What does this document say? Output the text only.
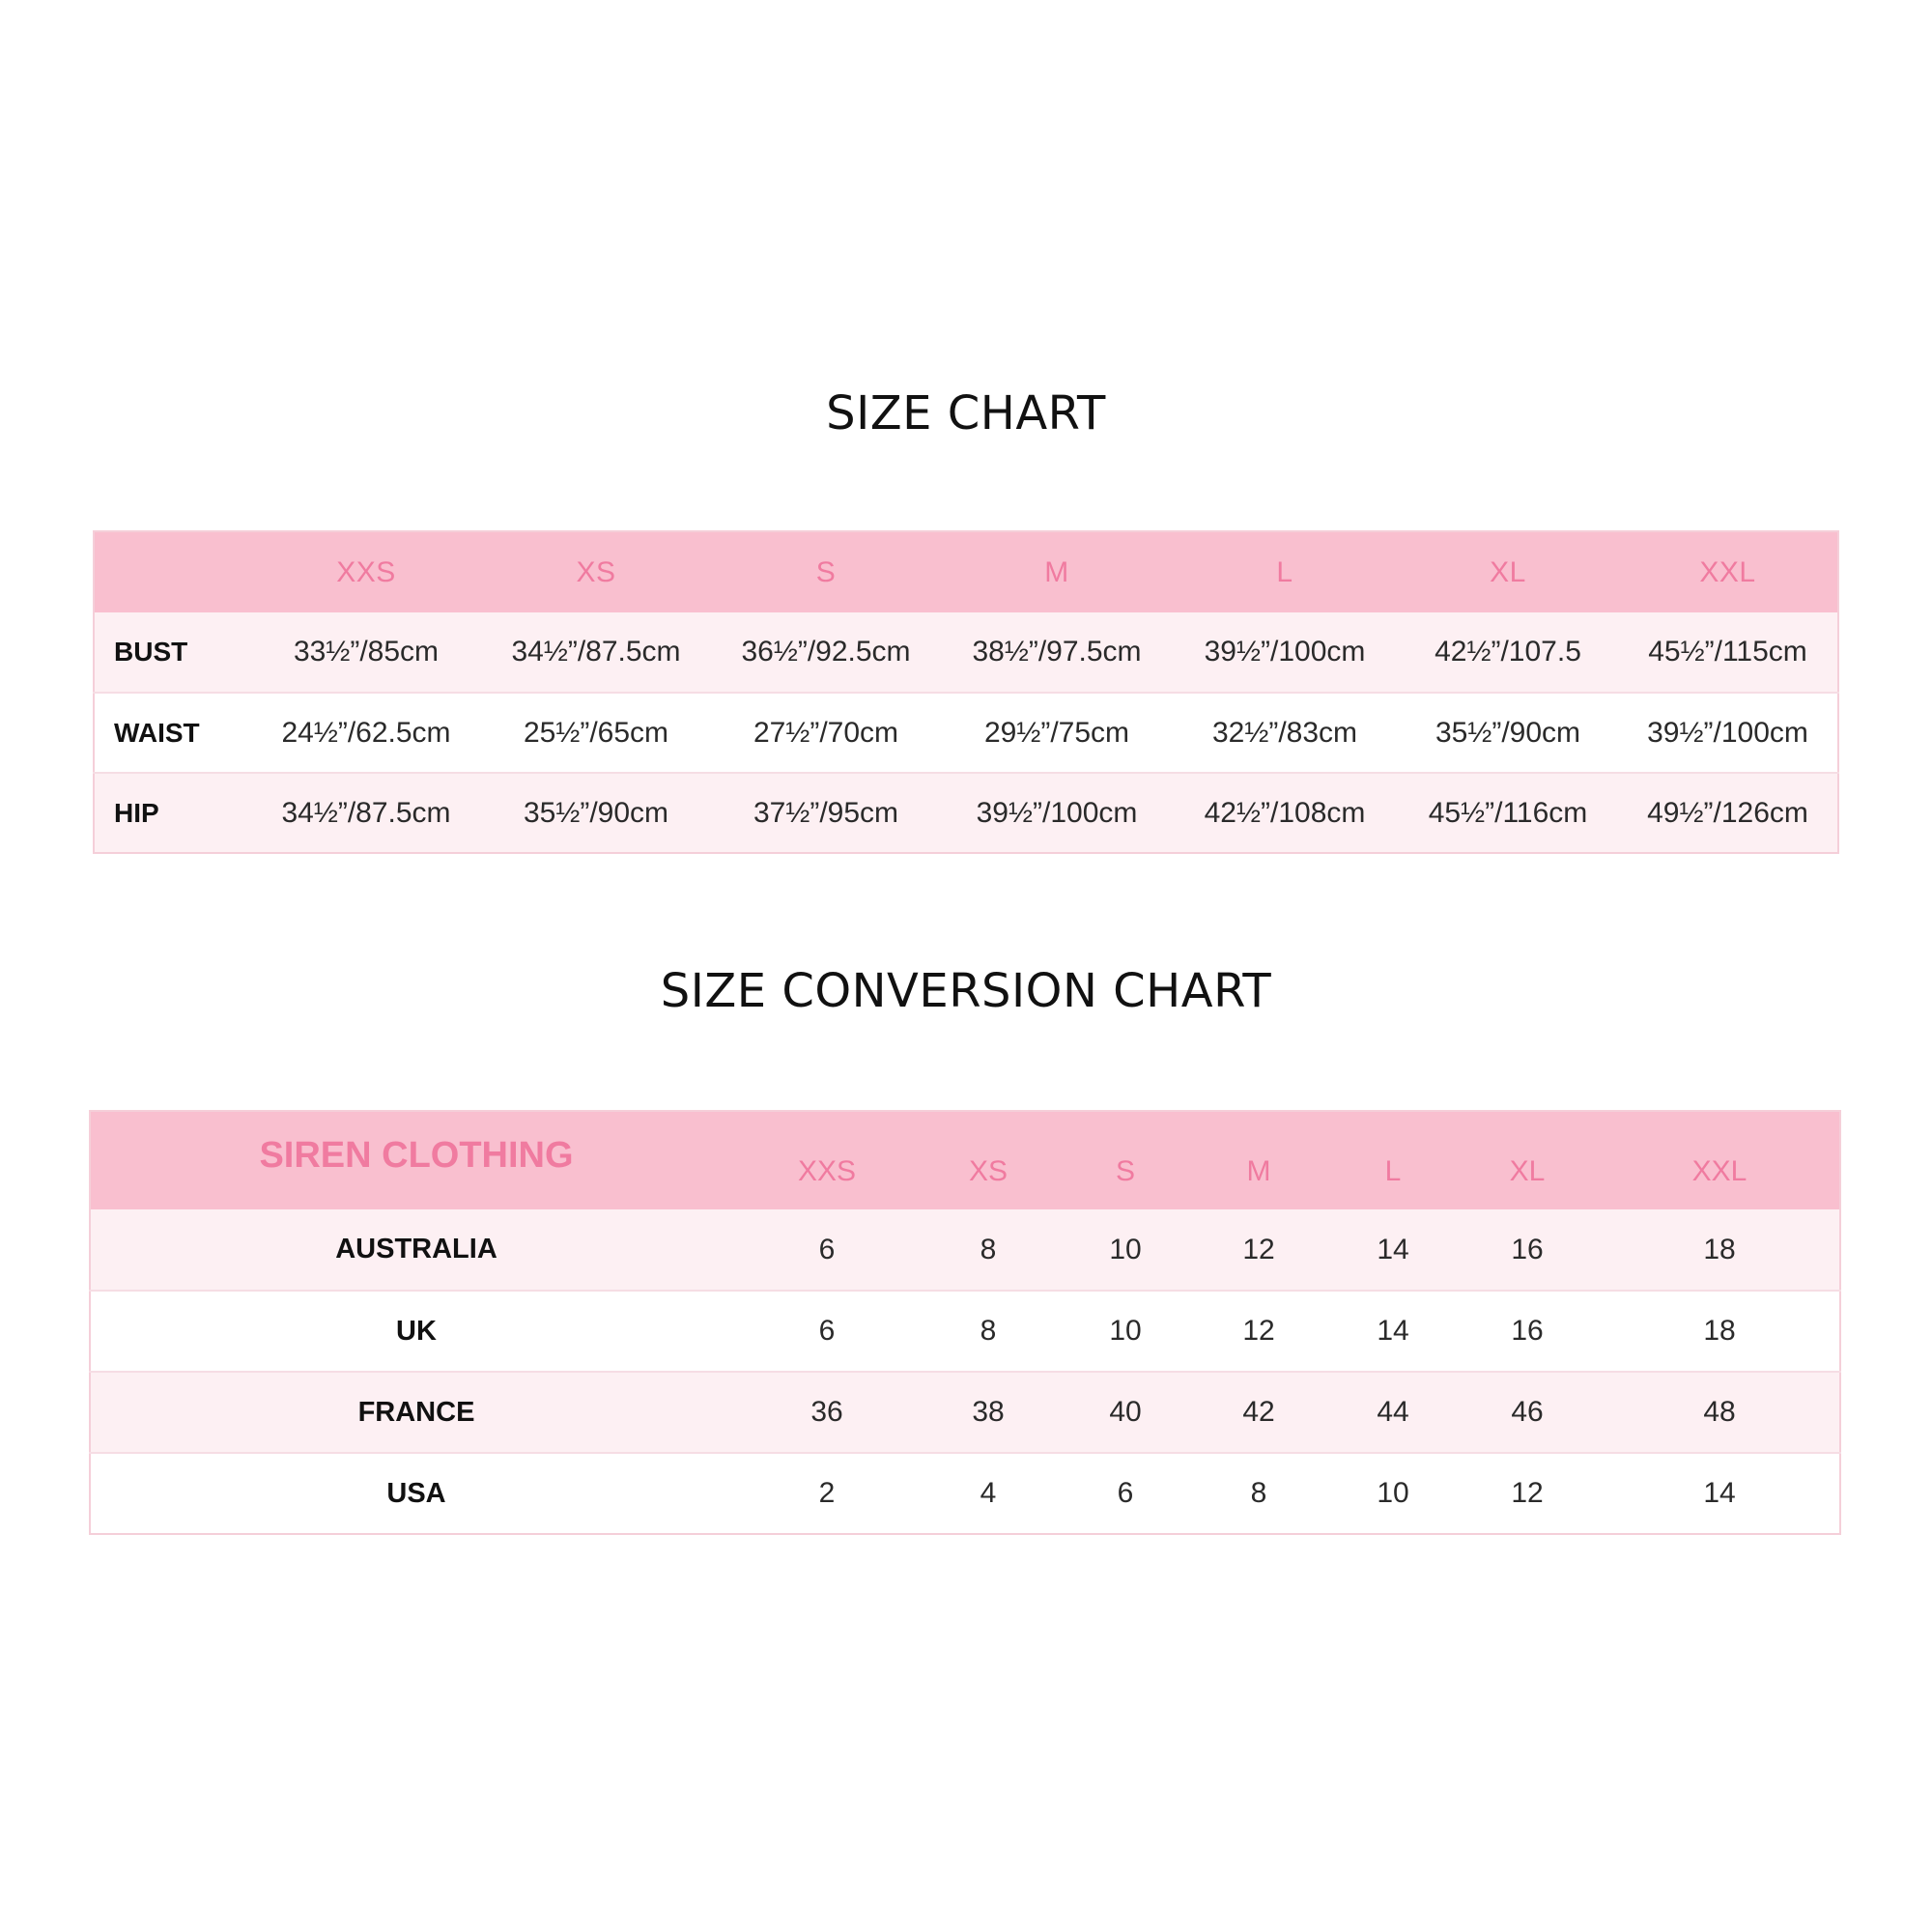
SIZE CHART
	XXS	XS	S	M	L	XL	XXL
BUST	33½”/85cm	34½”/87.5cm	36½”/92.5cm	38½”/97.5cm	39½”/100cm	42½”/107.5	45½”/115cm
WAIST	24½”/62.5cm	25½”/65cm	27½”/70cm	29½”/75cm	32½”/83cm	35½”/90cm	39½”/100cm
HIP	34½”/87.5cm	35½”/90cm	37½”/95cm	39½”/100cm	42½”/108cm	45½”/116cm	49½”/126cm
SIZE CONVERSION CHART
SIREN CLOTHING	XXS	XS	S	M	L	XL	XXL
AUSTRALIA	6	8	10	12	14	16	18
UK	6	8	10	12	14	16	18
FRANCE	36	38	40	42	44	46	48
USA	2	4	6	8	10	12	14
